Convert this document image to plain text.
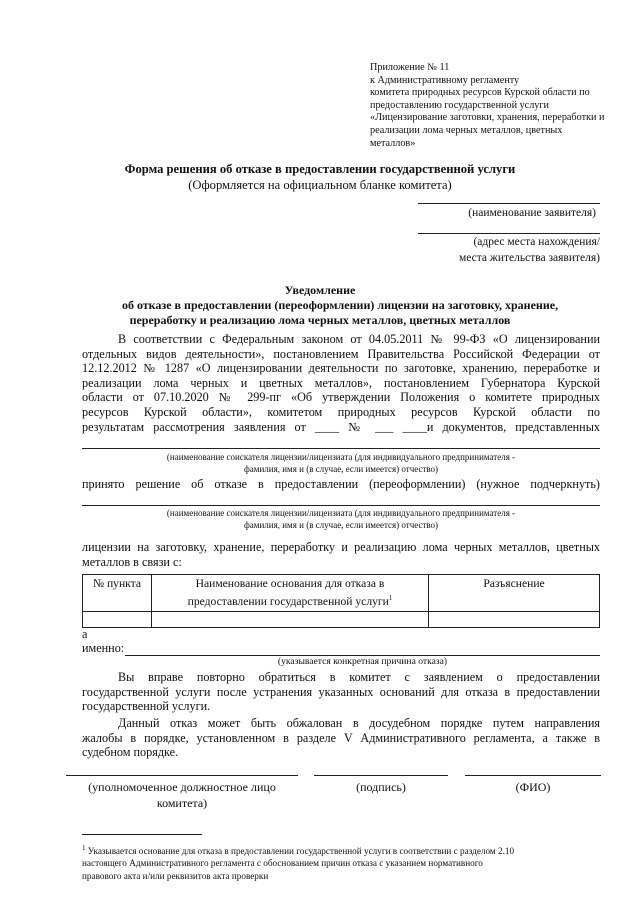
Приложение № 11
к Административному регламенту
комитета природных ресурсов Курской области по
предоставлению государственной услуги
«Лицензирование заготовки, хранения, переработки и
реализации лома черных металлов, цветных
металлов»
Форма решения об отказе в предоставлении государственной услуги
(Оформляется на официальном бланке комитета)
(наименование заявителя)
(адрес места нахождения/
места жительства заявителя)
Уведомление
об отказе в предоставлении (переоформлении) лицензии на заготовку, хранение,
переработку и реализацию лома черных металлов, цветных металлов
В соответствии с Федеральным законом от 04.05.2011 № 99-ФЗ «О лицензировании
отдельных видов деятельности», постановлением Правительства Российской Федерации от
12.12.2012 № 1287 «О лицензировании деятельности по заготовке, хранению, переработке и
реализации лома черных и цветных металлов», постановлением Губернатора Курской
области от 07.10.2020 № 299-пг «Об утверждении Положения о комитете природных
ресурсов Курской области», комитетом природных ресурсов Курской области по
результатам рассмотрения заявления от ____ № ___ ____и документов, представленных
(наименование соискателя лицензии/лицензиата (для индивидуального предпринимателя -
фамилия, имя и (в случае, если имеется) отчество)
принято решение об отказе в предоставлении (переоформлении) (нужное подчеркнуть)
(наименование соискателя лицензии/лицензиата (для индивидуального предпринимателя -
фамилия, имя и (в случае, если имеется) отчество)
лицензии на заготовку, хранение, переработку и реализацию лома черных металлов, цветных
металлов в связи с:
№ пункта	Наименование основания для отказа в
предоставлении государственной услуги$^1$	Разъяснение

а
именно:
(указывается конкретная причина отказа)
Вы вправе повторно обратиться в комитет с заявлением о предоставлении
государственной услуги после устранения указанных оснований для отказа в предоставлении
государственной услуги.
Данный отказ может быть обжалован в досудебном порядке путем направления
жалобы в порядке, установленном в разделе V Административного регламента, а также в
судебном порядке.
(уполномоченное должностное лицо
комитета)
(подпись)	(ФИО)
$^1$ Указывается основание для отказа в предоставлении государственной услуги в соответствии с разделом 2.10
настоящего Административного регламента с обоснованием причин отказа с указанием нормативного
правового акта и/или реквизитов акта проверки
